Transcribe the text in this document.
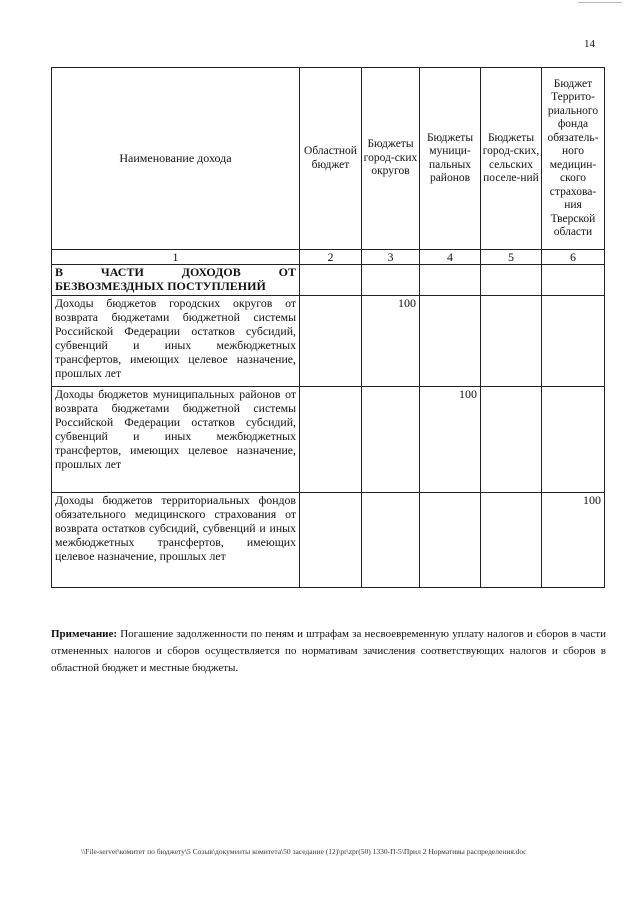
14
Наименование дохода	Областной бюджет	Бюджеты город-ских округов	Бюджеты муници-пальных районов	Бюджеты город-ских, сельских поселе-ний	Бюджет Террито-риального фонда обязатель-ного медицин-ского страхова-ния Тверской области
1	2	3	4	5	6
В ЧАСТИ ДОХОДОВ ОТ БЕЗВОЗМЕЗДНЫХ ПОСТУПЛЕНИЙ					
Доходы бюджетов городских округов от возврата бюджетами бюджетной системы Российской Федерации остатков субсидий, субвенций и иных межбюджетных трансфертов, имеющих целевое назначение, прошлых лет		100			
Доходы бюджетов муниципальных районов от возврата бюджетами бюджетной системы Российской Федерации остатков субсидий, субвенций и иных межбюджетных трансфертов, имеющих целевое назначение, прошлых лет			100		
Доходы бюджетов территориальных фондов обязательного медицинского страхования от возврата остатков субсидий, субвенций и иных межбюджетных трансфертов, имеющих целевое назначение, прошлых лет					100
Примечание: Погашение задолженности по пеням и штрафам за несвоевременную уплату налогов и сборов в части отмененных налогов и сборов осуществляется по нормативам зачисления соответствующих налогов и сборов в областной бюджет и местные бюджеты.
\\File-server\комитет по бюджету\5 Созыв\документы комитета\50 заседание (12)\pr\zpr(50) 1330-П-5\Прил 2 Нормативы распределения.doc
